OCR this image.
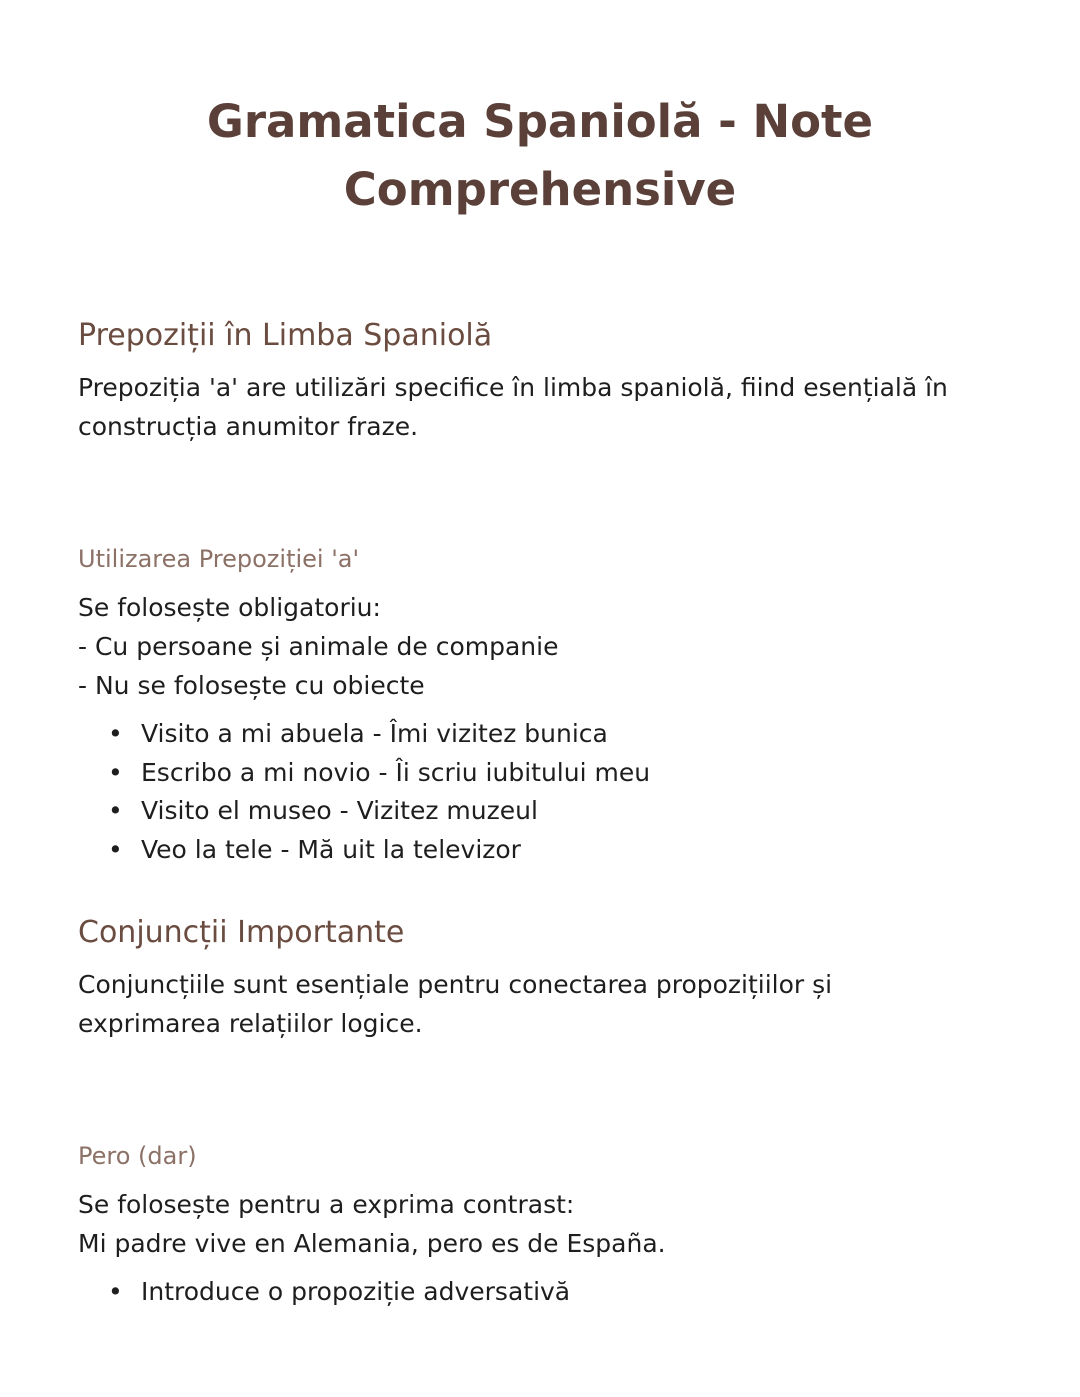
Gramatica Spaniolă - Note
Comprehensive
Prepoziții în Limba Spaniolă

Prepoziția 'a' are utilizări specifice în limba spaniolă, fiind esențială în
construcția anumitor fraze.

Utilizarea Prepoziției 'a'

Se folosește obligatoriu:
- Cu persoane și animale de companie
- Nu se folosește cu obiecte

• Visito a mi abuela - Îmi vizitez bunica
• Escribo a mi novio - Îi scriu iubitului meu
• Visito el museo - Vizitez muzeul
• Veo la tele - Mă uit la televizor
Conjuncții Importante

Conjuncțiile sunt esențiale pentru conectarea propozițiilor și
exprimarea relațiilor logice.

Pero (dar)

Se folosește pentru a exprima contrast:
Mi padre vive en Alemania, pero es de España.

• Introduce o propoziție adversativă
